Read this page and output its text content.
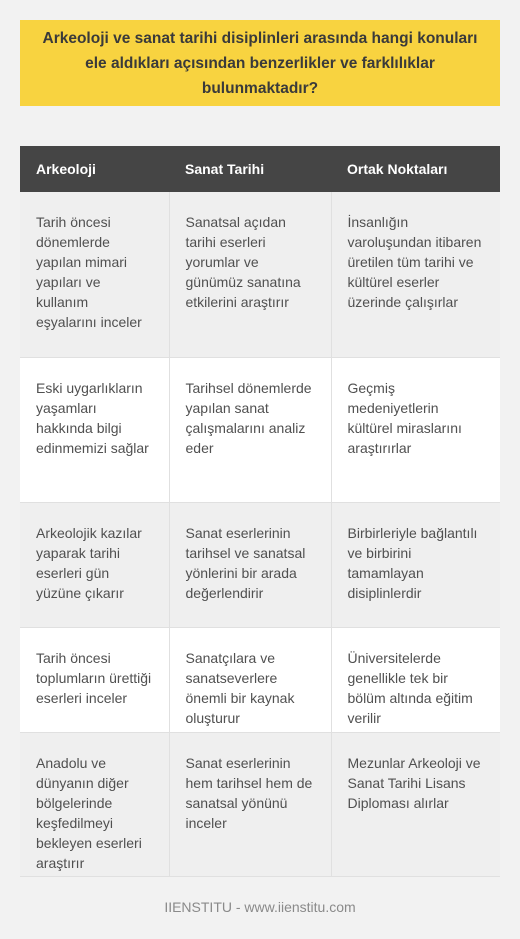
Arkeoloji ve sanat tarihi disiplinleri arasında hangi konuları ele aldıkları açısından benzerlikler ve farklılıklar bulunmaktadır?

Arkeoloji	Sanat Tarihi	Ortak Noktaları
Tarih öncesi dönemlerde yapılan mimari yapıları ve kullanım eşyalarını inceler	Sanatsal açıdan tarihi eserleri yorumlar ve günümüz sanatına etkilerini araştırır	İnsanlığın varoluşundan itibaren üretilen tüm tarihi ve kültürel eserler üzerinde çalışırlar
Eski uygarlıkların yaşamları hakkında bilgi edinmemizi sağlar	Tarihsel dönemlerde yapılan sanat çalışmalarını analiz eder	Geçmiş medeniyetlerin kültürel miraslarını araştırırlar
Arkeolojik kazılar yaparak tarihi eserleri gün yüzüne çıkarır	Sanat eserlerinin tarihsel ve sanatsal yönlerini bir arada değerlendirir	Birbirleriyle bağlantılı ve birbirini tamamlayan disiplinlerdir
Tarih öncesi toplumların ürettiği eserleri inceler	Sanatçılara ve sanatseverlere önemli bir kaynak oluşturur	Üniversitelerde genellikle tek bir bölüm altında eğitim verilir
Anadolu ve dünyanın diğer bölgelerinde keşfedilmeyi bekleyen eserleri araştırır	Sanat eserlerinin hem tarihsel hem de sanatsal yönünü inceler	Mezunlar Arkeoloji ve Sanat Tarihi Lisans Diploması alırlar
IIENSTITU - www.iienstitu.com
